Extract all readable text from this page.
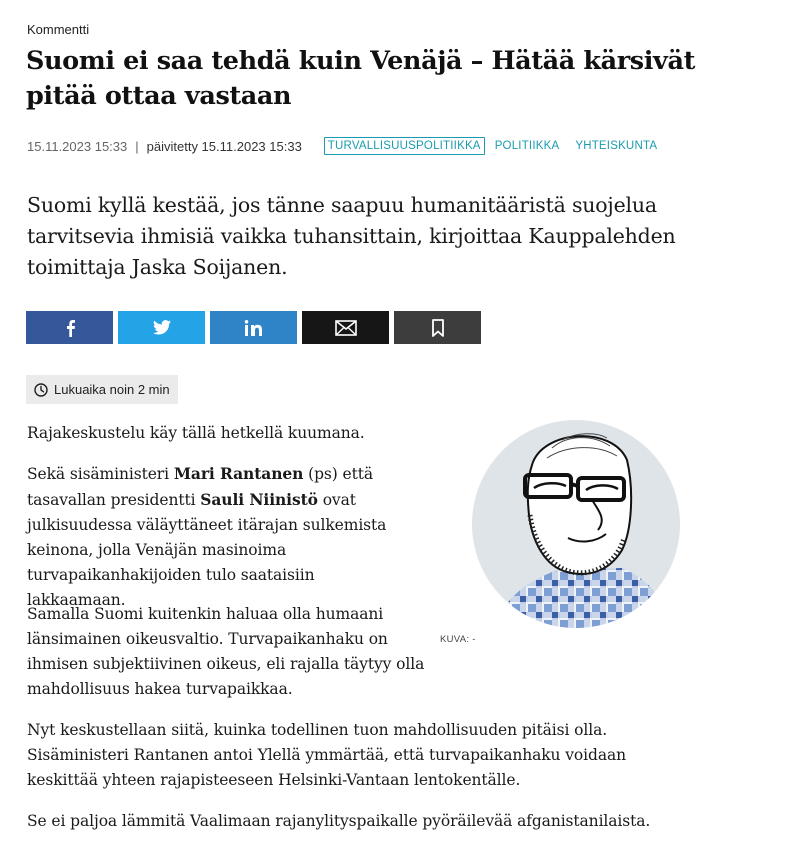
Kommentti
Suomi ei saa tehdä kuin Venäjä – Hätää kärsivät pitää ottaa vastaan
15.11.2023 15:33 | päivitetty 15.11.2023 15:33	TURVALLISUUSPOLITIIKKA	POLITIIKKA YHTEISKUNTA

Suomi kyllä kestää, jos tänne saapuu humanitääristä suojelua tarvitsevia ihmisiä vaikka tuhansittain, kirjoittaa Kauppalehden toimittaja Jaska Soijanen.

Lukuaika noin 2 min

Rajakeskustelu käy tällä hetkellä kuumana.

Sekä sisäministeri Mari Rantanen (ps) että tasavallan presidentti Sauli Niinistö ovat julkisuudessa väläyttäneet itärajan sulkemista keinona, jolla Venäjän masinoima turvapaikanhakijoiden tulo saataisiin lakkaamaan.

Samalla Suomi kuitenkin haluaa olla humaani länsimainen oikeusvaltio. Turvapaikanhaku on ihmisen subjektiivinen oikeus, eli rajalla täytyy olla mahdollisuus hakea turvapaikkaa.

Nyt keskustellaan siitä, kuinka todellinen tuon mahdollisuuden pitäisi olla. Sisäministeri Rantanen antoi Ylellä ymmärtää, että turvapaikanhaku voidaan keskittää yhteen rajapisteeseen Helsinki-Vantaan lentokentälle.

Se ei paljoa lämmitä Vaalimaan rajanylityspaikalle pyöräilevää afganistanilaista.

KUVA: -
